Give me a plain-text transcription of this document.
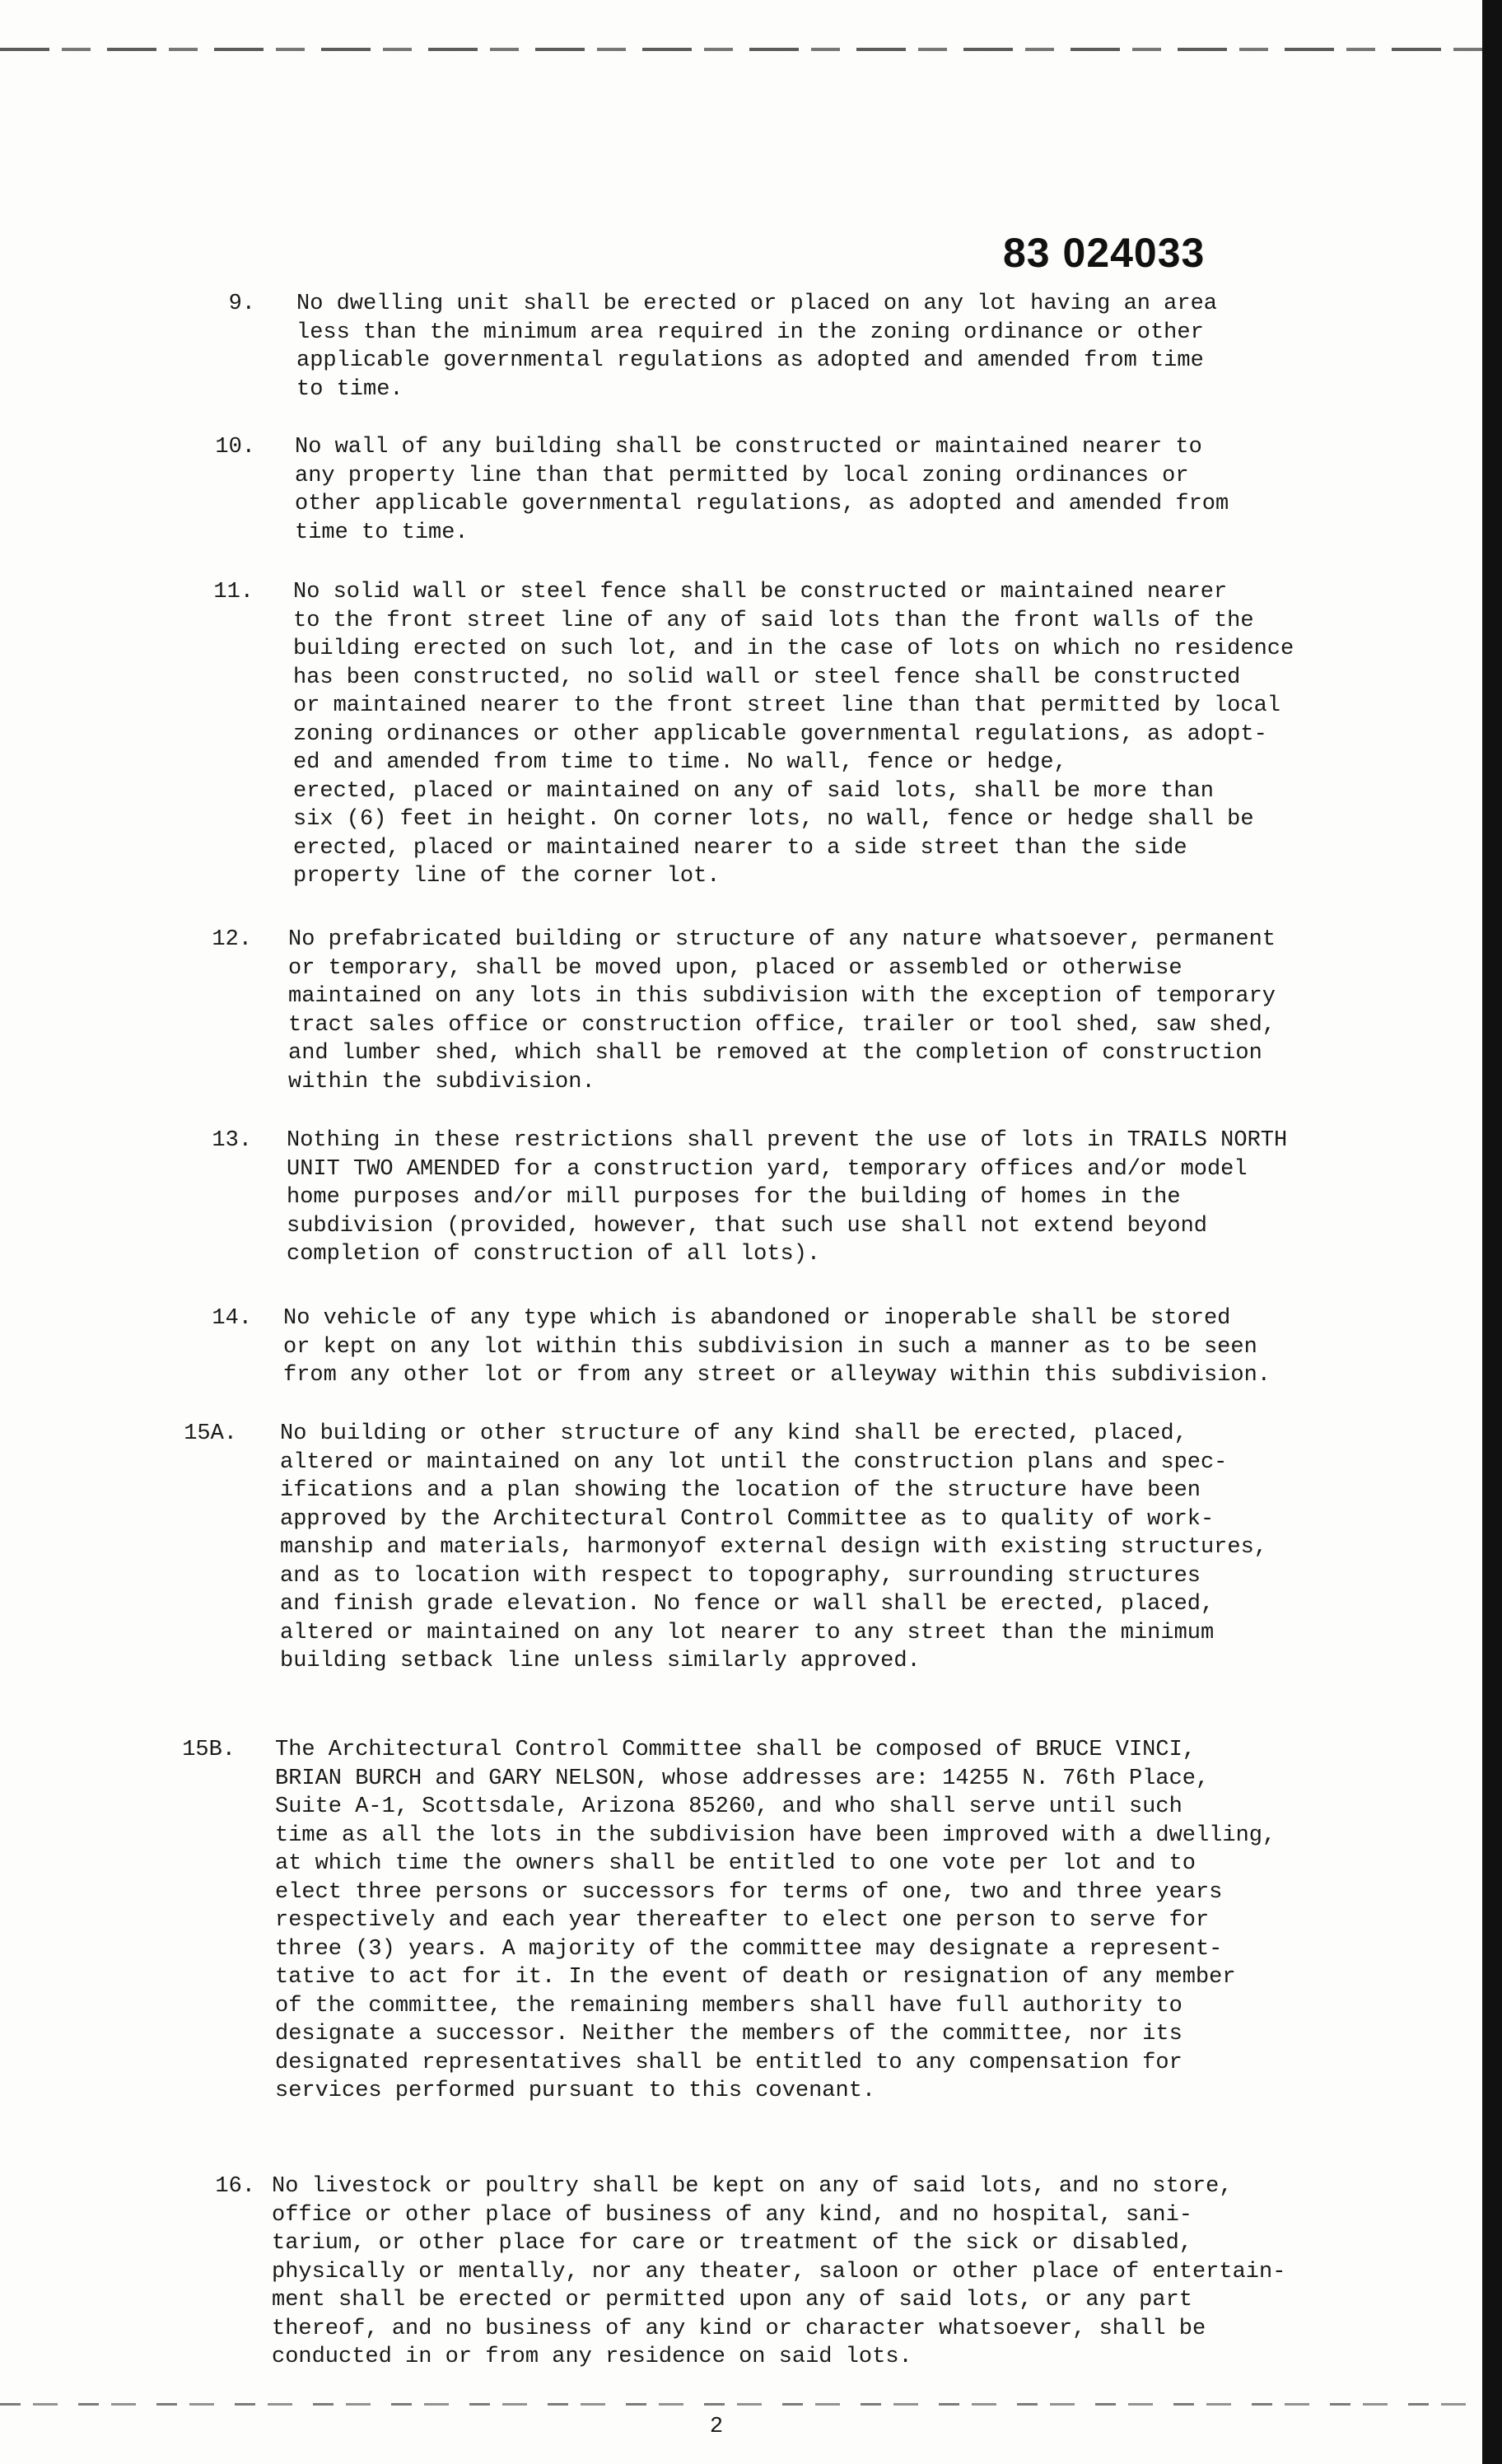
83 024033
9. No dwelling unit shall be erected or placed on any lot having an area
less than the minimum area required in the zoning ordinance or other
applicable governmental regulations as adopted and amended from time
to time.
10. No wall of any building shall be constructed or maintained nearer to
any property line than that permitted by local zoning ordinances or
other applicable governmental regulations, as adopted and amended from
time to time.
11. No solid wall or steel fence shall be constructed or maintained nearer
to the front street line of any of said lots than the front walls of the
building erected on such lot, and in the case of lots on which no residence
has been constructed, no solid wall or steel fence shall be constructed
or maintained nearer to the front street line than that permitted by local
zoning ordinances or other applicable governmental regulations, as adopt-
ed and amended from time to time. No wall, fence or hedge,
erected, placed or maintained on any of said lots, shall be more than
six (6) feet in height. On corner lots, no wall, fence or hedge shall be
erected, placed or maintained nearer to a side street than the side
property line of the corner lot.
12. No prefabricated building or structure of any nature whatsoever, permanent
or temporary, shall be moved upon, placed or assembled or otherwise
maintained on any lots in this subdivision with the exception of temporary
tract sales office or construction office, trailer or tool shed, saw shed,
and lumber shed, which shall be removed at the completion of construction
within the subdivision.
13. Nothing in these restrictions shall prevent the use of lots in TRAILS NORTH
UNIT TWO AMENDED for a construction yard, temporary offices and/or model
home purposes and/or mill purposes for the building of homes in the
subdivision (provided, however, that such use shall not extend beyond
completion of construction of all lots).
14. No vehicle of any type which is abandoned or inoperable shall be stored
or kept on any lot within this subdivision in such a manner as to be seen
from any other lot or from any street or alleyway within this subdivision.
15A. No building or other structure of any kind shall be erected, placed,
altered or maintained on any lot until the construction plans and spec-
ifications and a plan showing the location of the structure have been
approved by the Architectural Control Committee as to quality of work-
manship and materials, harmonyof external design with existing structures,
and as to location with respect to topography, surrounding structures
and finish grade elevation. No fence or wall shall be erected, placed,
altered or maintained on any lot nearer to any street than the minimum
building setback line unless similarly approved.
15B. The Architectural Control Committee shall be composed of BRUCE VINCI,
BRIAN BURCH and GARY NELSON, whose addresses are: 14255 N. 76th Place,
Suite A-1, Scottsdale, Arizona 85260, and who shall serve until such
time as all the lots in the subdivision have been improved with a dwelling,
at which time the owners shall be entitled to one vote per lot and to
elect three persons or successors for terms of one, two and three years
respectively and each year thereafter to elect one person to serve for
three (3) years. A majority of the committee may designate a represent-
tative to act for it. In the event of death or resignation of any member
of the committee, the remaining members shall have full authority to
designate a successor. Neither the members of the committee, nor its
designated representatives shall be entitled to any compensation for
services performed pursuant to this covenant.
16. No livestock or poultry shall be kept on any of said lots, and no store,
office or other place of business of any kind, and no hospital, sani-
tarium, or other place for care or treatment of the sick or disabled,
physically or mentally, nor any theater, saloon or other place of entertain-
ment shall be erected or permitted upon any of said lots, or any part
thereof, and no business of any kind or character whatsoever, shall be
conducted in or from any residence on said lots.
2
